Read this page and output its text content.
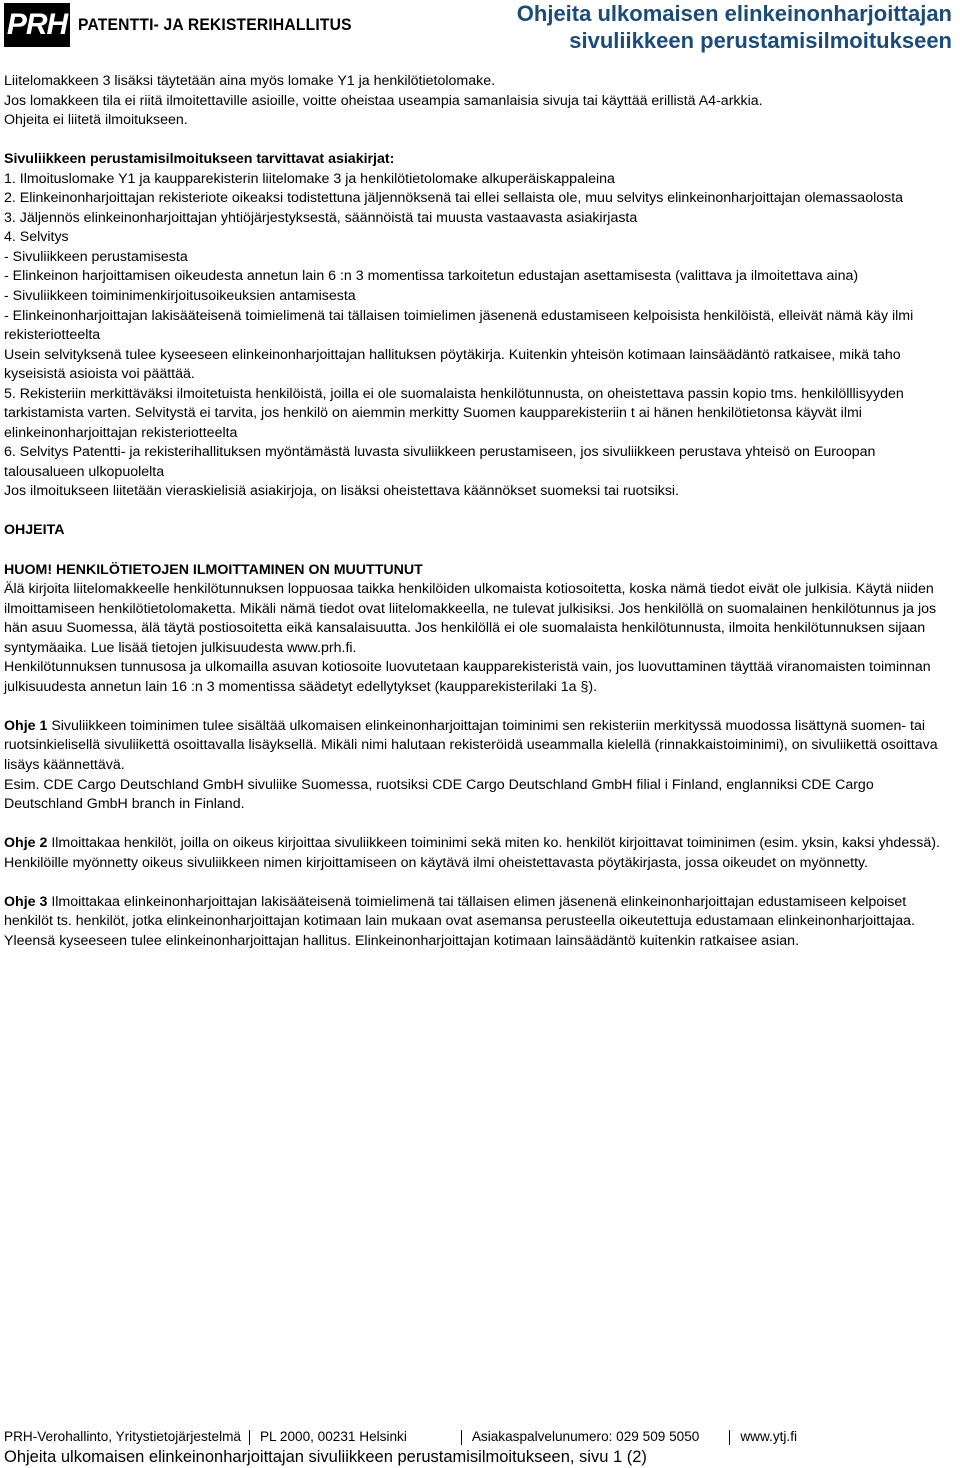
PRH PATENTTI- JA REKISTERIHALLITUS	Ohjeita ulkomaisen elinkeinonharjoittajan
sivuliikkeen perustamisilmoitukseen

Liitelomakkeen 3 lisäksi täytetään aina myös lomake Y1 ja henkilötietolomake.

Jos lomakkeen tila ei riitä ilmoitettaville asioille, voitte oheistaa useampia samanlaisia sivuja tai käyttää erillistä A4-arkkia.

Ohjeita ei liitetä ilmoitukseen.

Sivuliikkeen perustamisilmoitukseen tarvittavat asiakirjat:

1. Ilmoituslomake Y1 ja kaupparekisterin liitelomake 3 ja henkilötietolomake alkuperäiskappaleina

2. Elinkeinonharjoittajan rekisteriote oikeaksi todistettuna jäljennöksenä tai ellei sellaista ole, muu selvitys elinkeinonharjoittajan olemassaolosta

3. Jäljennös elinkeinonharjoittajan yhtiöjärjestyksestä, säännöistä tai muusta vastaavasta asiakirjasta

4. Selvitys

- Sivuliikkeen perustamisesta

- Elinkeinon harjoittamisen oikeudesta annetun lain 6 :n 3 momentissa tarkoitetun edustajan asettamisesta (valittava ja ilmoitettava aina)

- Sivuliikkeen toiminimenkirjoitusoikeuksien antamisesta

- Elinkeinonharjoittajan lakisääteisenä toimielimenä tai tällaisen toimielimen jäsenenä edustamiseen kelpoisista henkilöistä, elleivät nämä käy ilmi rekisteriotteelta

Usein selvityksenä tulee kyseeseen elinkeinonharjoittajan hallituksen pöytäkirja. Kuitenkin yhteisön kotimaan lainsäädäntö ratkaisee, mikä taho kyseisistä asioista voi päättää.

5. Rekisteriin merkittäväksi ilmoitetuista henkilöistä, joilla ei ole suomalaista henkilötunnusta, on oheistettava passin kopio tms. henkilölllisyyden tarkistamista varten. Selvitystä ei tarvita, jos henkilö on aiemmin merkitty Suomen kaupparekisteriin t ai hänen henkilötietonsa käyvät ilmi elinkeinonharjoittajan rekisteriotteelta

6. Selvitys Patentti- ja rekisterihallituksen myöntämästä luvasta sivuliikkeen perustamiseen, jos sivuliikkeen perustava yhteisö on Euroopan talousalueen ulkopuolelta

Jos ilmoitukseen liitetään vieraskielisiä asiakirjoja, on lisäksi oheistettava käännökset suomeksi tai ruotsiksi.

OHJEITA

HUOM! HENKILÖTIETOJEN ILMOITTAMINEN ON MUUTTUNUT

Älä kirjoita liitelomakkeelle henkilötunnuksen loppuosaa taikka henkilöiden ulkomaista kotiosoitetta, koska nämä tiedot eivät ole julkisia. Käytä niiden ilmoittamiseen henkilötietolomaketta. Mikäli nämä tiedot ovat liitelomakkeella, ne tulevat julkisiksi. Jos henkilöllä on suomalainen henkilötunnus ja jos hän asuu Suomessa, älä täytä postiosoitetta eikä kansalaisuutta. Jos henkilöllä ei ole suomalaista henkilötunnusta, ilmoita henkilötunnuksen sijaan syntymäaika. Lue lisää tietojen julkisuudesta www.prh.fi.

Henkilötunnuksen tunnusosa ja ulkomailla asuvan kotiosoite luovutetaan kaupparekisteristä vain, jos luovuttaminen täyttää viranomaisten toiminnan julkisuudesta annetun lain 16 :n 3 momentissa säädetyt edellytykset (kaupparekisterilaki 1a §).

Ohje 1 Sivuliikkeen toiminimen tulee sisältää ulkomaisen elinkeinonharjoittajan toiminimi sen rekisteriin merkityssä muodossa lisättynä suomen- tai ruotsinkielisellä sivuliikettä osoittavalla lisäyksellä. Mikäli nimi halutaan rekisteröidä useammalla kielellä (rinnakkaistoiminimi), on sivuliikettä osoittava lisäys käännettävä.

Esim. CDE Cargo Deutschland GmbH sivuliike Suomessa, ruotsiksi CDE Cargo Deutschland GmbH filial i Finland, englanniksi CDE Cargo Deutschland GmbH branch in Finland.

Ohje 2 Ilmoittakaa henkilöt, joilla on oikeus kirjoittaa sivuliikkeen toiminimi sekä miten ko. henkilöt kirjoittavat toiminimen (esim. yksin, kaksi yhdessä). Henkilöille myönnetty oikeus sivuliikkeen nimen kirjoittamiseen on käytävä ilmi oheistettavasta pöytäkirjasta, jossa oikeudet on myönnetty.

Ohje 3 Ilmoittakaa elinkeinonharjoittajan lakisääteisenä toimielimenä tai tällaisen elimen jäsenenä elinkeinonharjoittajan edustamiseen kelpoiset henkilöt ts. henkilöt, jotka elinkeinonharjoittajan kotimaan lain mukaan ovat asemansa perusteella oikeutettuja edustamaan elinkeinonharjoittajaa.

Yleensä kyseeseen tulee elinkeinonharjoittajan hallitus. Elinkeinonharjoittajan kotimaan lainsäädäntö kuitenkin ratkaisee asian.

PRH-Verohallinto, Yritystietojärjestelmä PL 2000, 00231 Helsinki	Asiakaspalvelunumero: 029 509 5050	www.ytj.fi
Ohjeita ulkomaisen elinkeinonharjoittajan sivuliikkeen perustamisilmoitukseen, sivu 1 (2)
